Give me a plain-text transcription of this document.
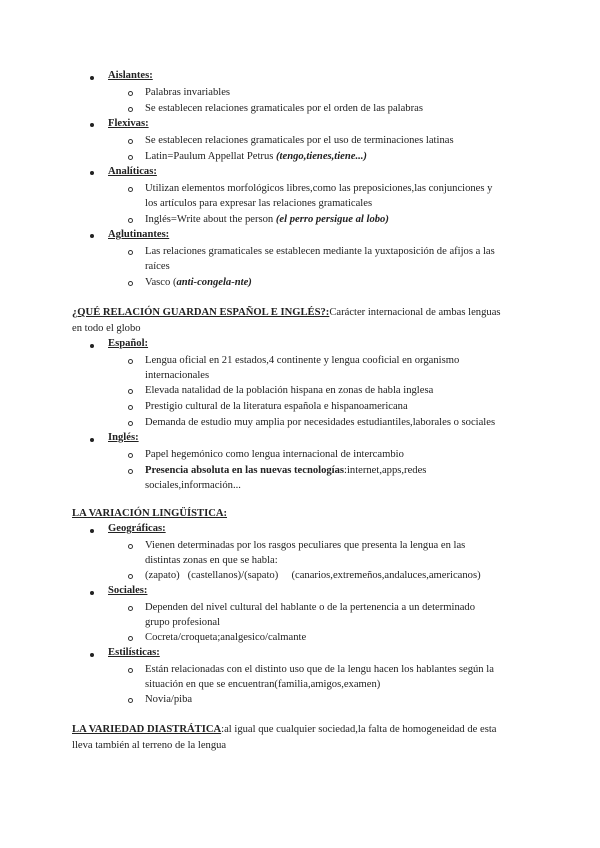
Aislantes:
Palabras invariables
Se establecen relaciones gramaticales por el orden de las palabras
Flexivas:
Se establecen relaciones gramaticales por el uso de terminaciones latinas
Latin=Paulum Appellat Petrus (tengo,tienes,tiene...)
Analíticas:
Utilizan elementos morfológicos libres,como las preposiciones,las conjunciones y
los artículos para expresar las relaciones gramaticales
Inglés=Write about the person (el perro persigue al lobo)
Aglutinantes:
Las relaciones gramaticales se establecen mediante la yuxtaposición de afijos a las
raíces
Vasco (anti-congela-nte)
¿QUÉ RELACIÓN GUARDAN ESPAÑOL E INGLÉS?:Carácter internacional de ambas lenguas
en todo el globo
Español:
Lengua oficial en 21 estados,4 continente y lengua cooficial en organismo
internacionales
Elevada natalidad de la población hispana en zonas de habla inglesa
Prestigio cultural de la literatura española e hispanoamericana
Demanda de estudio muy amplia por necesidades estudiantiles,laborales o sociales
Inglés:
Papel hegemónico como lengua internacional de intercambio
Presencia absoluta en las nuevas tecnologías:internet,apps,redes
sociales,información...
LA VARIACIÓN LINGÜÍSTICA:
Geográficas:
Vienen determinadas por los rasgos peculiares que presenta la lengua en las
distintas zonas en que se habla:
(zapato)   (castellanos)/(sapato)     (canarios,extremeños,andaluces,americanos)
Sociales:
Dependen del nivel cultural del hablante o de la pertenencia a un determinado
grupo profesional
Cocreta/croqueta;analgesico/calmante
Estilísticas:
Están relacionadas con el distinto uso que de la lengu hacen los hablantes según la
situación en que se encuentran(familia,amigos,examen)
Novia/piba
LA VARIEDAD DIASTRÁTICA:al igual que cualquier sociedad,la falta de homogeneidad de esta
lleva también al terreno de la lengua
